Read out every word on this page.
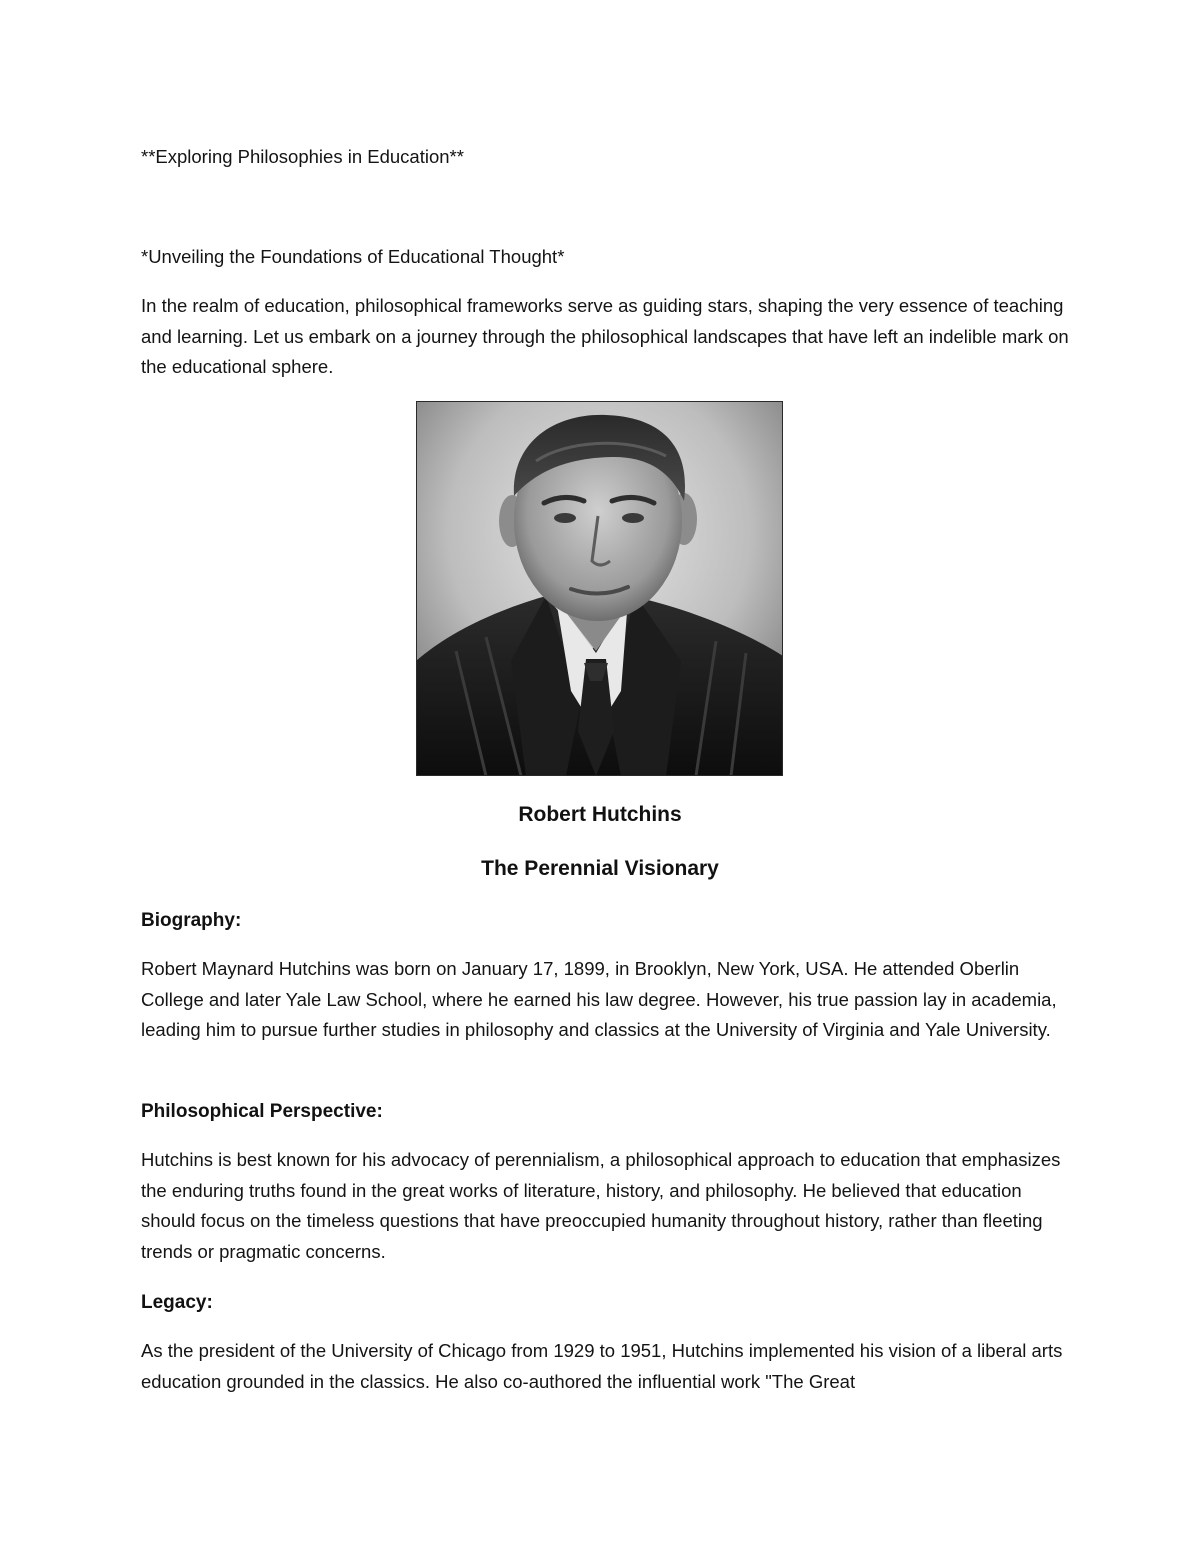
**Exploring Philosophies in Education**
*Unveiling the Foundations of Educational Thought*
In the realm of education, philosophical frameworks serve as guiding stars, shaping the very essence of teaching and learning. Let us embark on a journey through the philosophical landscapes that have left an indelible mark on the educational sphere.
Robert Hutchins
The Perennial Visionary
Biography:
Robert Maynard Hutchins was born on January 17, 1899, in Brooklyn, New York, USA. He attended Oberlin College and later Yale Law School, where he earned his law degree. However, his true passion lay in academia, leading him to pursue further studies in philosophy and classics at the University of Virginia and Yale University.
Philosophical Perspective:
Hutchins is best known for his advocacy of perennialism, a philosophical approach to education that emphasizes the enduring truths found in the great works of literature, history, and philosophy. He believed that education should focus on the timeless questions that have preoccupied humanity throughout history, rather than fleeting trends or pragmatic concerns.
Legacy:
As the president of the University of Chicago from 1929 to 1951, Hutchins implemented his vision of a liberal arts education grounded in the classics. He also co-authored the influential work "The Great
